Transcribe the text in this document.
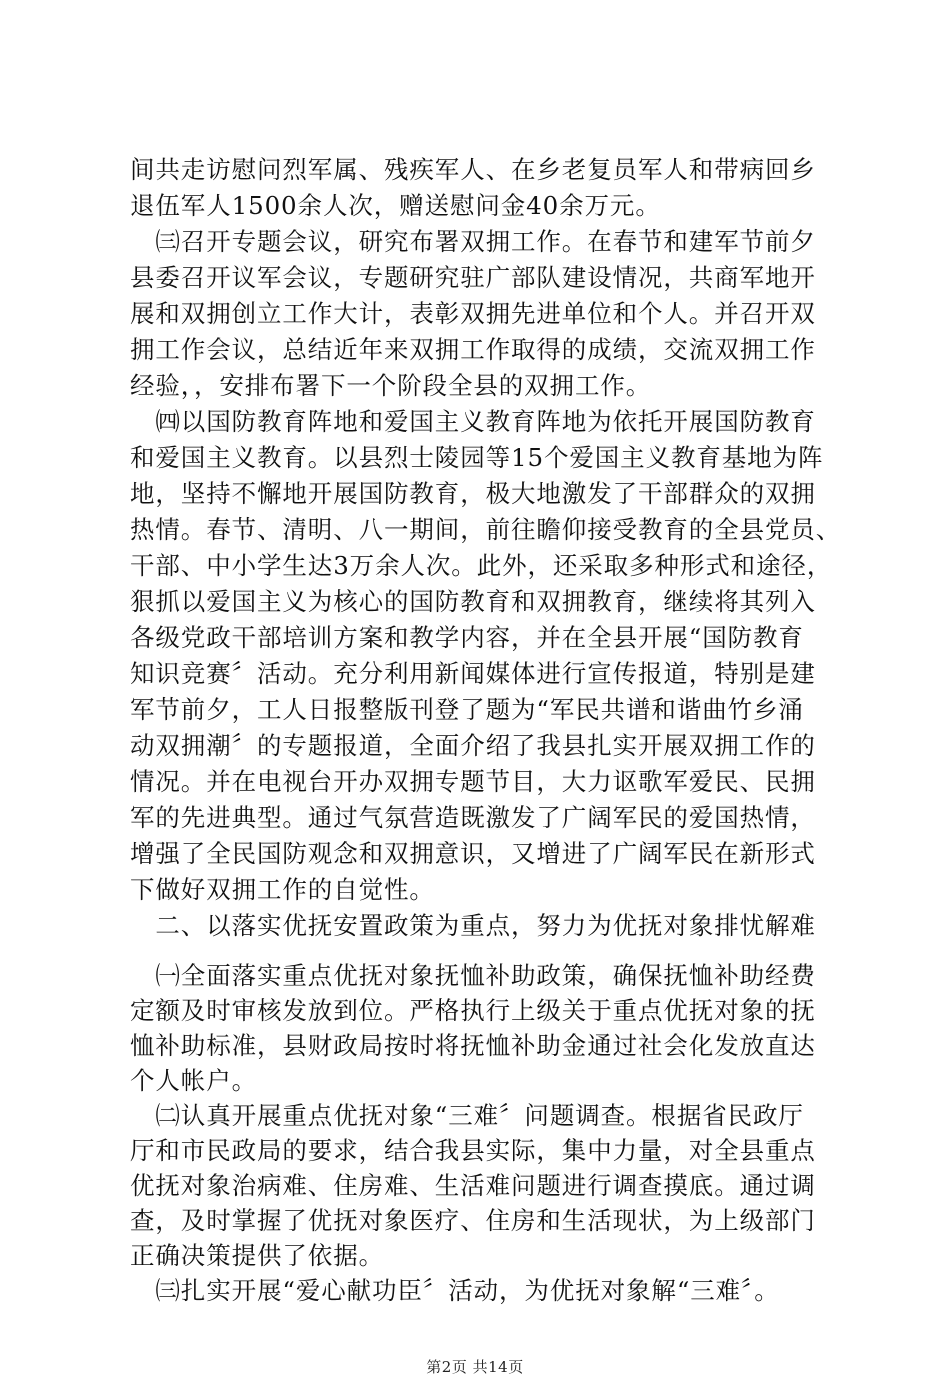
间共走访慰问烈军属、残疾军人、在乡老复员军人和带病回乡
退伍军人1500余人次，赠送慰问金40余万元。
　㈢召开专题会议，研究布署双拥工作。在春节和建军节前夕
县委召开议军会议，专题研究驻广部队建设情况，共商军地开
展和双拥创立工作大计，表彰双拥先进单位和个人。并召开双
拥工作会议，总结近年来双拥工作取得的成绩，交流双拥工作
经验，，安排布署下一个阶段全县的双拥工作。
　㈣以国防教育阵地和爱国主义教育阵地为依托开展国防教育
和爱国主义教育。以县烈士陵园等15个爱国主义教育基地为阵
地，坚持不懈地开展国防教育，极大地激发了干部群众的双拥
热情。春节、清明、八一期间，前往瞻仰接受教育的全县党员、
干部、中小学生达3万余人次。此外，还采取多种形式和途径，
狠抓以爱国主义为核心的国防教育和双拥教育，继续将其列入
各级党政干部培训方案和教学内容，并在全县开展“国防教育
知识竞赛〞活动。充分利用新闻媒体进行宣传报道，特别是建
军节前夕，工人日报整版刊登了题为“军民共谱和谐曲竹乡涌
动双拥潮〞的专题报道，全面介绍了我县扎实开展双拥工作的
情况。并在电视台开办双拥专题节目，大力讴歌军爱民、民拥
军的先进典型。通过气氛营造既激发了广阔军民的爱国热情，
增强了全民国防观念和双拥意识，又增进了广阔军民在新形式
下做好双拥工作的自觉性。
　二、以落实优抚安置政策为重点，努力为优抚对象排忧解难
第2页 共14页
　㈠全面落实重点优抚对象抚恤补助政策，确保抚恤补助经费
定额及时审核发放到位。严格执行上级关于重点优抚对象的抚
恤补助标准，县财政局按时将抚恤补助金通过社会化发放直达
个人帐户。
　㈡认真开展重点优抚对象“三难〞问题调查。根据省民政厅
厅和市民政局的要求，结合我县实际，集中力量，对全县重点
优抚对象治病难、住房难、生活难问题进行调查摸底。通过调
查，及时掌握了优抚对象医疗、住房和生活现状，为上级部门
正确决策提供了依据。
　㈢扎实开展“爱心献功臣〞活动，为优抚对象解“三难〞。
